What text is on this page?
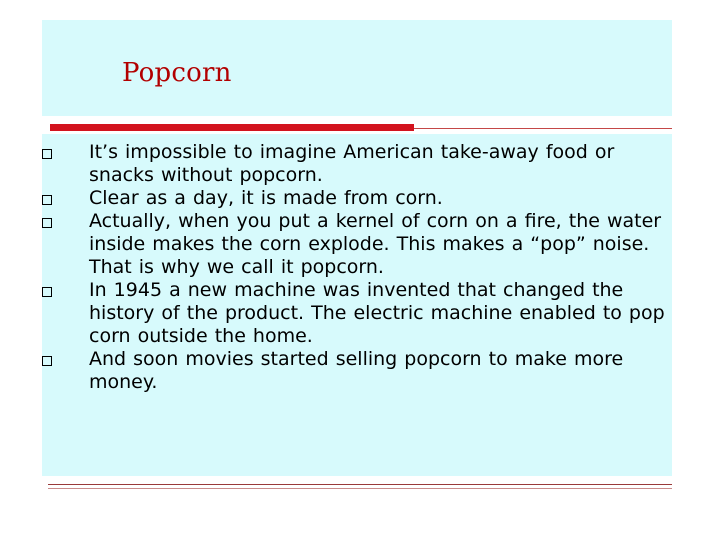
Popcorn
It’s impossible to imagine American take-away food or snacks without popcorn.
Clear as a day, it is made from corn.
Actually, when you put a kernel of corn on a fire, the water inside makes the corn explode. This makes a “pop” noise. That is why we call it popcorn.
In 1945 a new machine was invented that changed the history of the product. The electric machine enabled to pop corn outside the home.
And soon movies started selling popcorn to make more money.
